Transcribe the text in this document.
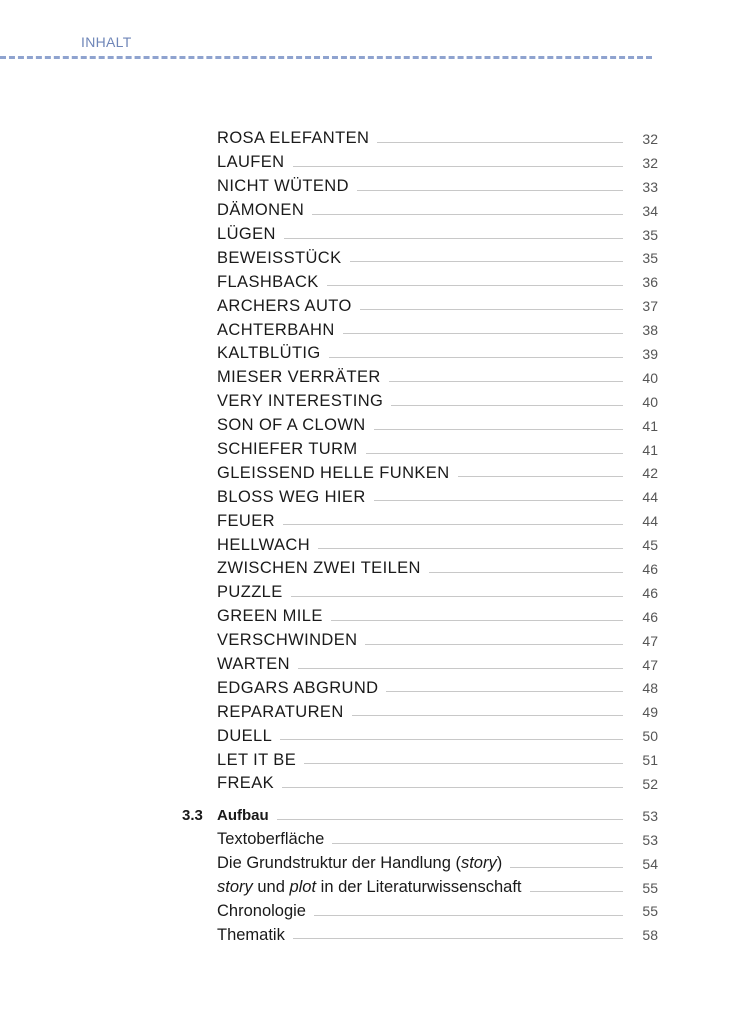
INHALT
ROSA ELEFANTEN	32
LAUFEN	32
NICHT WÜTEND	33
DÄMONEN	34
LÜGEN	35
BEWEISSTÜCK	35
FLASHBACK	36
ARCHERS AUTO	37
ACHTERBAHN	38
KALTBLÜTIG	39
MIESER VERRÄTER	40
VERY INTERESTING	40
SON OF A CLOWN	41
SCHIEFER TURM	41
GLEISSEND HELLE FUNKEN	42
BLOSS WEG HIER	44
FEUER	44
HELLWACH	45
ZWISCHEN ZWEI TEILEN	46
PUZZLE	46
GREEN MILE	46
VERSCHWINDEN	47
WARTEN	47
EDGARS ABGRUND	48
REPARATUREN	49
DUELL	50
LET IT BE	51
FREAK	52
3.3 Aufbau	53
Textoberfläche	53
Die Grundstruktur der Handlung (story)	54
story und plot in der Literaturwissenschaft	55
Chronologie	55
Thematik	58
